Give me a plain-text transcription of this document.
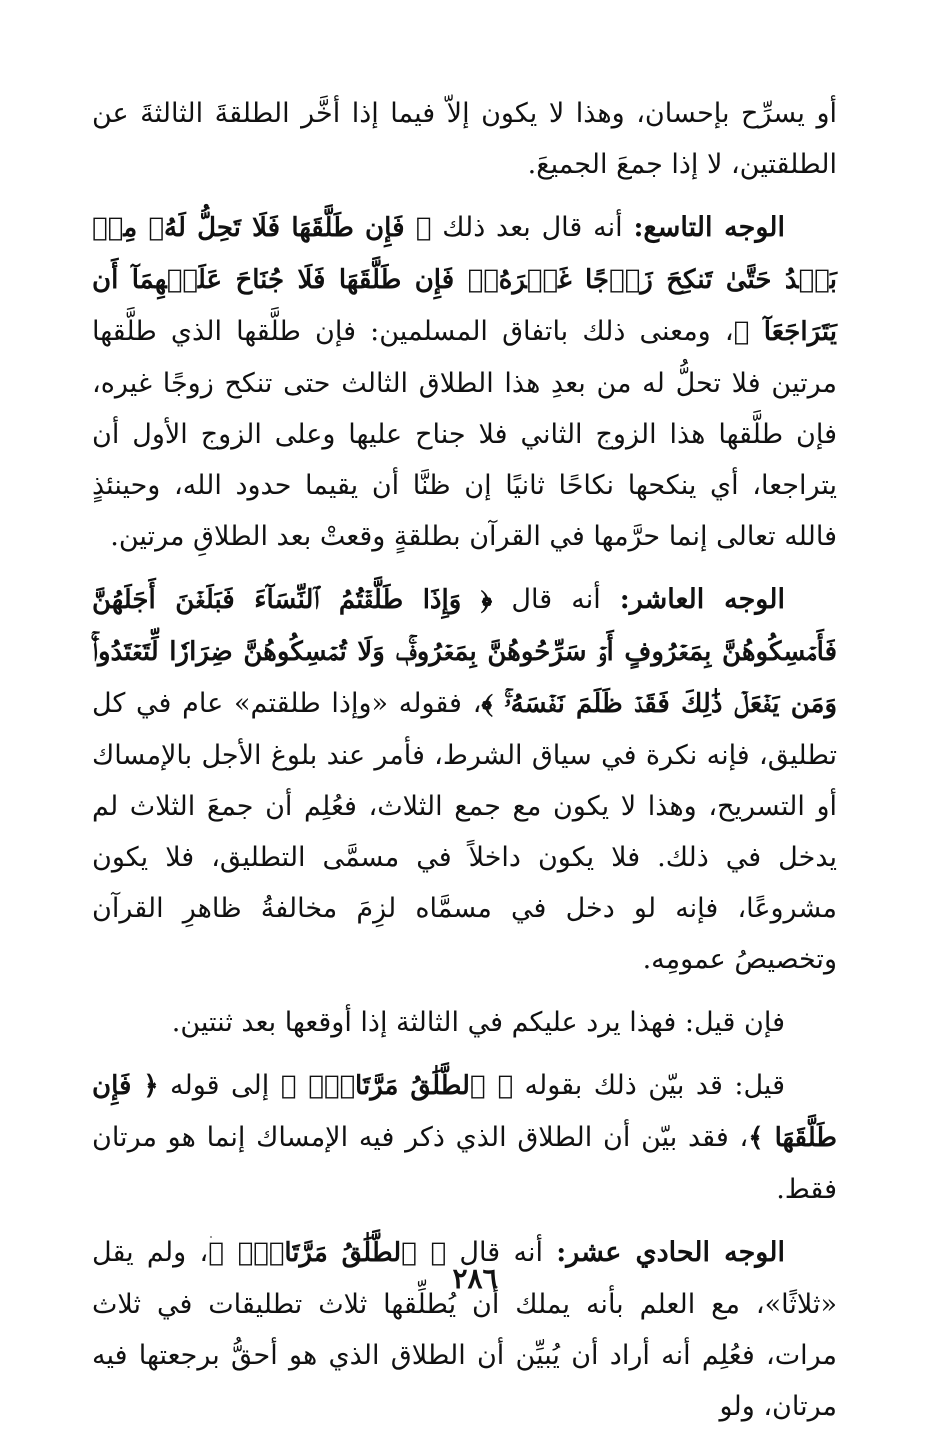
أو يسرِّح بإحسان، وهذا لا يكون إلاّ فيما إذا أخَّر الطلقةَ الثالثةَ عن الطلقتين، لا إذا جمعَ الجميعَ.

الوجه التاسع: أنه قال بعد ذلك ﴿ فَإِن طَلَّقَهَا فَلَا تَحِلُّ لَهُۥ مِنۢ بَعۡدُ حَتَّىٰ تَنكِحَ زَوۡجًا غَيۡرَهُۥۗ فَإِن طَلَّقَهَا فَلَا جُنَاحَ عَلَيۡهِمَآ أَن يَتَرَاجَعَآ ﴾، ومعنى ذلك باتفاق المسلمين: فإن طلَّقها الذي طلَّقها مرتين فلا تحلُّ له من بعدِ هذا الطلاق الثالث حتى تنكح زوجًا غيره، فإن طلَّقها هذا الزوج الثاني فلا جناح عليها وعلى الزوج الأول أن يتراجعا، أي ينكحها نكاحًا ثانيًا إن ظنَّا أن يقيما حدود الله، وحينئذٍ فالله تعالى إنما حرَّمها في القرآن بطلقةٍ وقعتْ بعد الطلاقِ مرتين.

الوجه العاشر: أنه قال ﴿ وَإِذَا طَلَّقۡتُمُ ٱلنِّسَآءَ فَبَلَغۡنَ أَجَلَهُنَّ فَأَمۡسِكُوهُنَّ بِمَعۡرُوفٍ أَوۡ سَرِّحُوهُنَّ بِمَعۡرُوفٖۚ وَلَا تُمۡسِكُوهُنَّ ضِرَارٗا لِّتَعۡتَدُواْۚ وَمَن يَفۡعَلۡ ذَٰلِكَ فَقَدۡ ظَلَمَ نَفۡسَهُۥۚ ﴾، فقوله «وإذا طلقتم» عام في كل تطليق، فإنه نكرة في سياق الشرط، فأمر عند بلوغ الأجل بالإمساك أو التسريح، وهذا لا يكون مع جمع الثلاث، فعُلِم أن جمعَ الثلاث لم يدخل في ذلك. فلا يكون داخلاً في مسمَّى التطليق، فلا يكون مشروعًا، فإنه لو دخل في مسمَّاه لزِمَ مخالفةُ ظاهرِ القرآن وتخصيصُ عمومِه.

فإن قيل: فهذا يرد عليكم في الثالثة إذا أوقعها بعد ثنتين.

قيل: قد بيّن ذلك بقوله ﴿ ٱلطَّلَٰقُ مَرَّتَانِۖ ﴾ إلى قوله ﴿ فَإِن طَلَّقَهَا ﴾، فقد بيّن أن الطلاق الذي ذكر فيه الإمساك إنما هو مرتان فقط.

الوجه الحادي عشر: أنه قال ﴿ ٱلطَّلَٰقُ مَرَّتَانِۖ ﴾، ولم يقل «ثلاثًا»، مع العلم بأنه يملك أن يُطلِّقها ثلاث تطليقات في ثلاث مرات، فعُلِم أنه أراد أن يُبيِّن أن الطلاق الذي هو أحقُّ برجعتها فيه مرتان، ولو

٢٨٦
